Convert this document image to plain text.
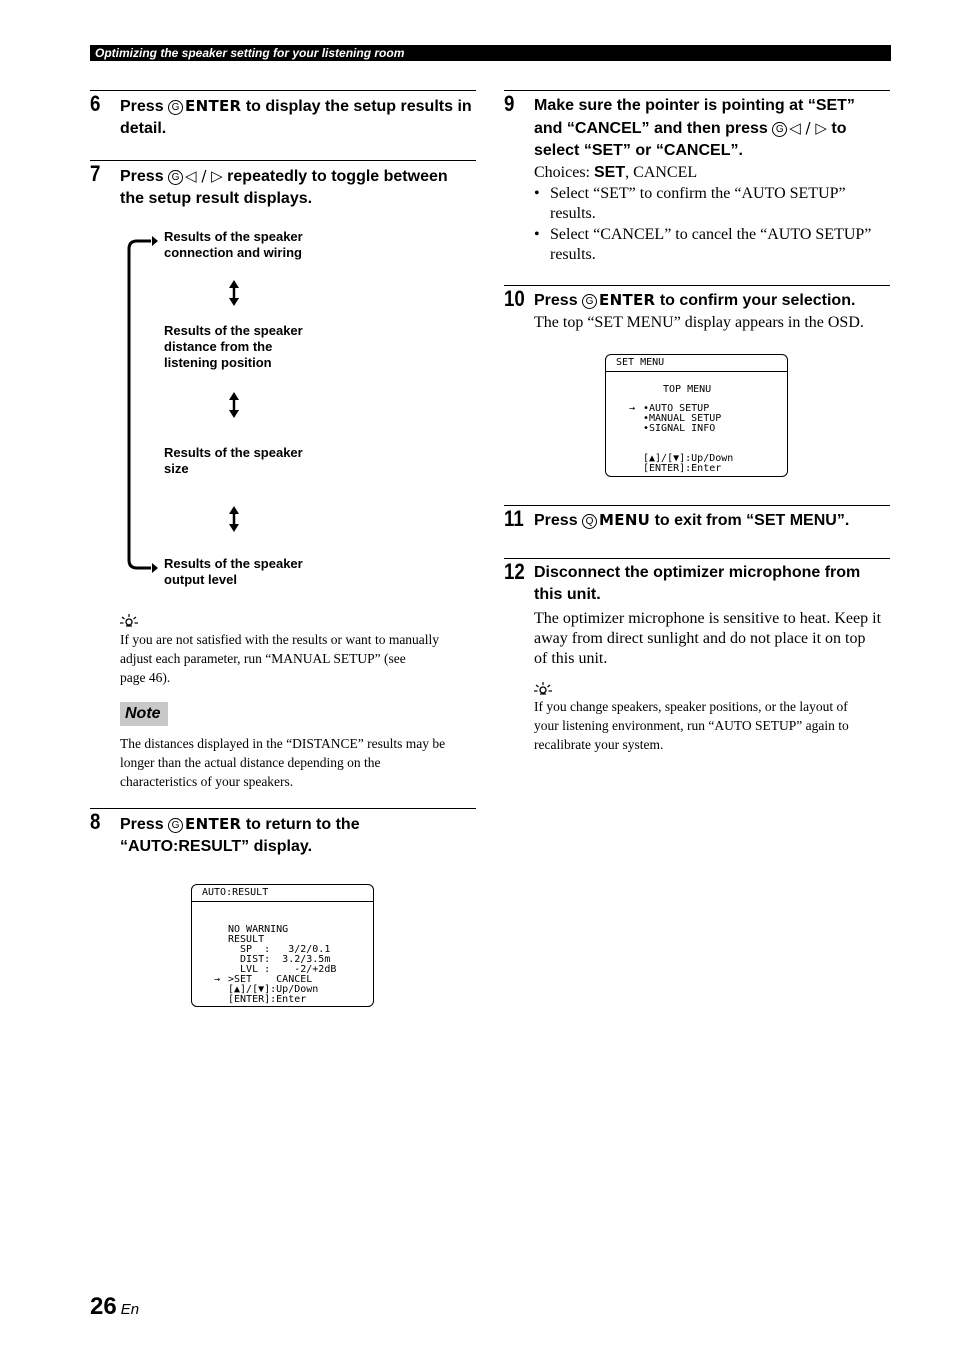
Optimizing the speaker setting for your listening room
6 Press G ENTER to display the setup results in detail.
7 Press G ◁ / ▷ repeatedly to toggle between the setup result displays.
Results of the speaker
connection and wiring
Results of the speaker
distance from the
listening position
Results of the speaker
size
Results of the speaker
output level
If you are not satisfied with the results or want to manually
adjust each parameter, run “MANUAL SETUP” (see
page 46).
Note
The distances displayed in the “DISTANCE” results may be
longer than the actual distance depending on the
characteristics of your speakers.
8 Press G ENTER to return to the “AUTO:RESULT” display.
AUTO:RESULT
NO WARNING
RESULT
SP  :   3/2/0.1
DIST:  3.2/3.5m
LVL :    -2/+2dB
→ >SET    CANCEL
[▲]/[▼]:Up/Down
[ENTER]:Enter
9 Make sure the pointer is pointing at “SET”
and “CANCEL” and then press G ◁ / ▷ to
select “SET” or “CANCEL”.
Choices: SET, CANCEL
• Select “SET” to confirm the “AUTO SETUP”
results.
• Select “CANCEL” to cancel the “AUTO SETUP”
results.
10 Press G ENTER to confirm your selection.
The top “SET MENU” display appears in the OSD.
SET MENU
TOP MENU
→ •AUTO SETUP
•MANUAL SETUP
•SIGNAL INFO
[▲]/[▼]:Up/Down
[ENTER]:Enter
11 Press Q MENU to exit from “SET MENU”.
12 Disconnect the optimizer microphone from
this unit.
The optimizer microphone is sensitive to heat. Keep it
away from direct sunlight and do not place it on top
of this unit.
If you change speakers, speaker positions, or the layout of
your listening environment, run “AUTO SETUP” again to
recalibrate your system.
26 En
